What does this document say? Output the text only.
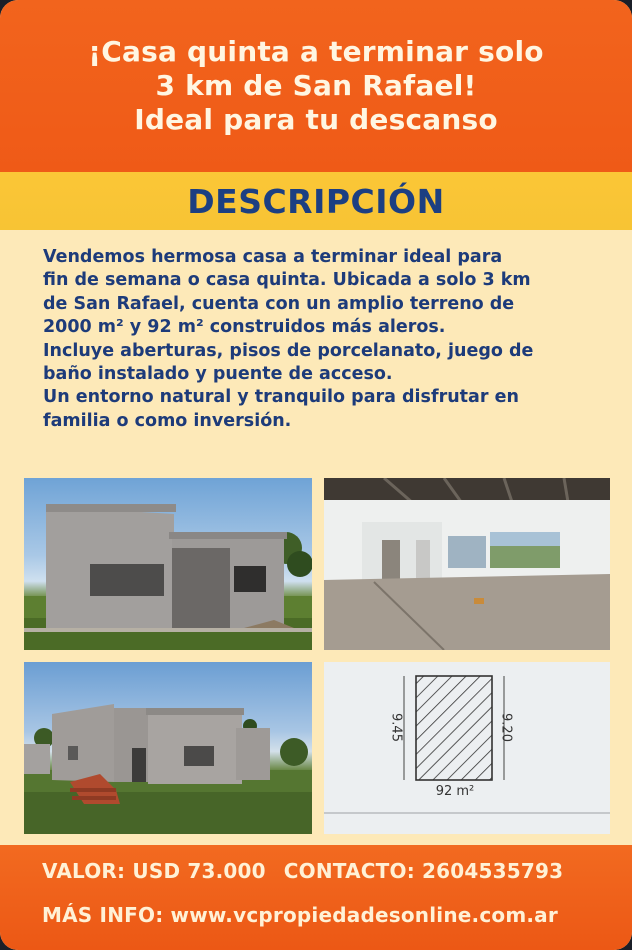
¡Casa quinta a terminar solo
3 km de San Rafael!
Ideal para tu descanso
DESCRIPCIÓN

Vendemos hermosa casa a terminar ideal para

fin de semana o casa quinta. Ubicada a solo 3 km

de San Rafael, cuenta con un amplio terreno de

2000 m² y 92 m² construidos más aleros.

Incluye aberturas, pisos de porcelanato, juego de

baño instalado y puente de acceso.

Un entorno natural y tranquilo para disfrutar en

familia o como inversión.

9.45	9.20
92 m²
VALOR: USD 73.000 CONTACTO: 2604535793
MÁS INFO: www.vcpropiedadesonline.com.ar
